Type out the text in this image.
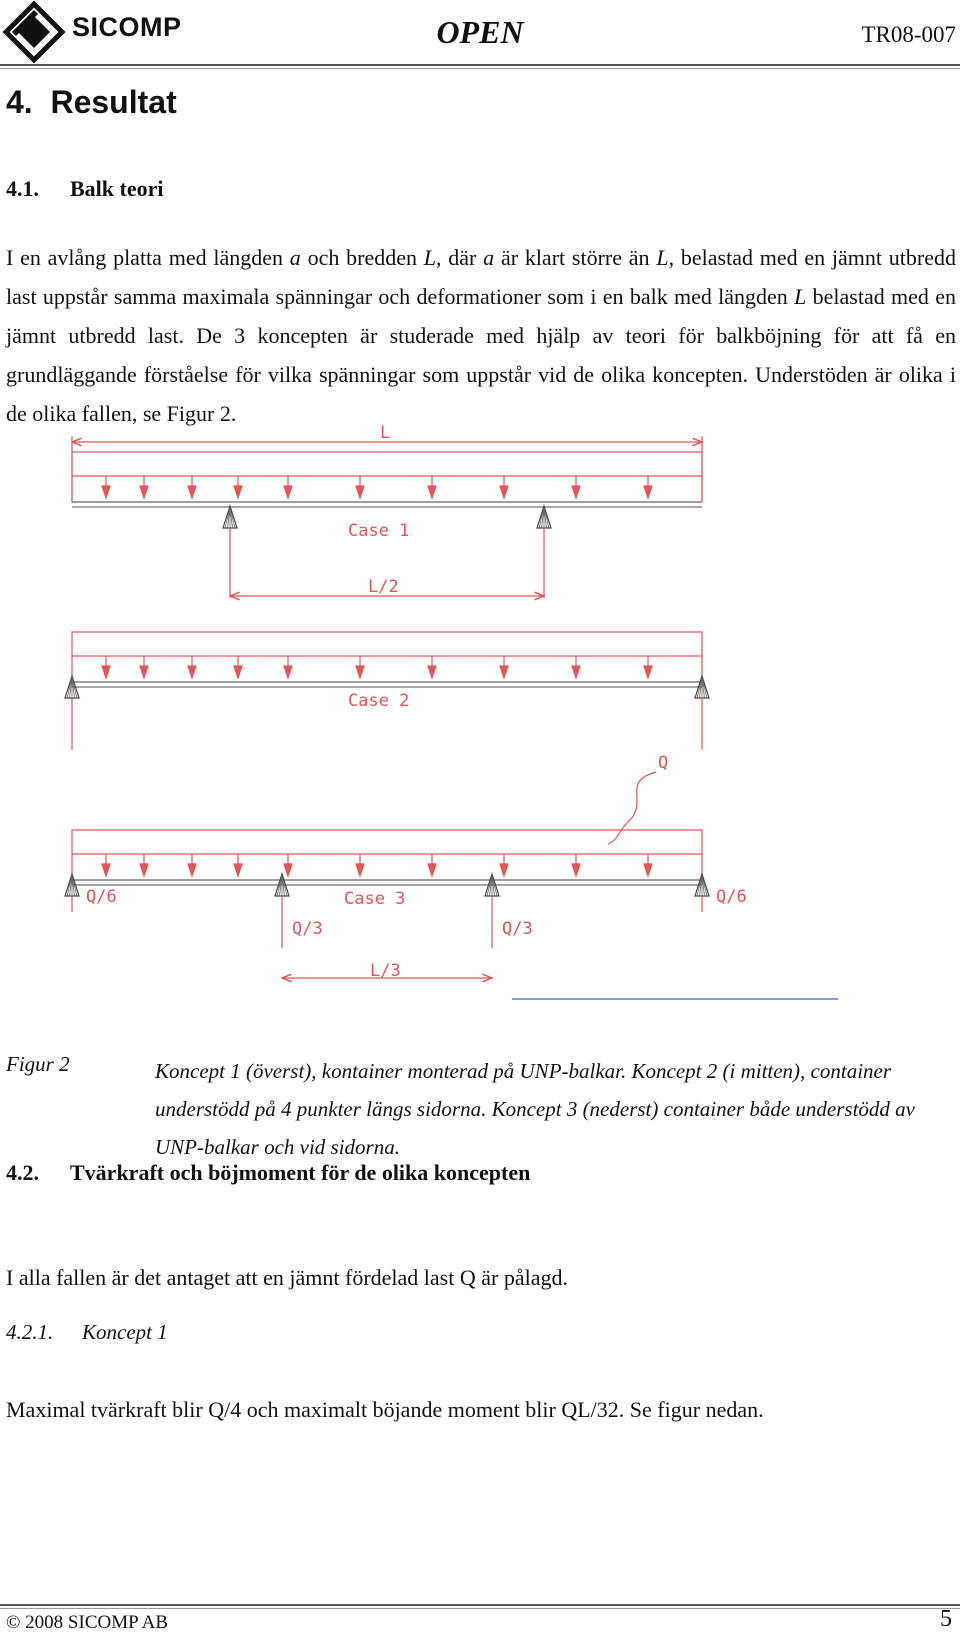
SICOMP	OPEN	TR08-007
4. Resultat
4.1. Balk teori

I en avlång platta med längden a och bredden L, där a är klart större än L, belastad med en jämnt utbredd last uppstår samma maximala spänningar och deformationer som i en balk med längden L belastad med en jämnt utbredd last. De 3 koncepten är studerade med hjälp av teori för balkböjning för att få en grundläggande förståelse för vilka spänningar som uppstår vid de olika koncepten. Understöden är olika i de olika fallen, se Figur 2.

L
Case 1
L/2
Case 2
Q
Q/6	Q/6
Case 3
Q/3	Q/3
L/3
Figur 2	Koncept 1 (överst), kontainer monterad på UNP-balkar. Koncept 2 (i mitten), container understödd på 4 punkter längs sidorna. Koncept 3 (nederst) container både understödd av UNP-balkar och vid sidorna.
4.2. Tvärkraft och böjmoment för de olika koncepten

I alla fallen är det antaget att en jämnt fördelad last Q är pålagd.

4.2.1. Koncept 1

Maximal tvärkraft blir Q/4 och maximalt böjande moment blir QL/32. Se figur nedan.

© 2008 SICOMP AB	5
